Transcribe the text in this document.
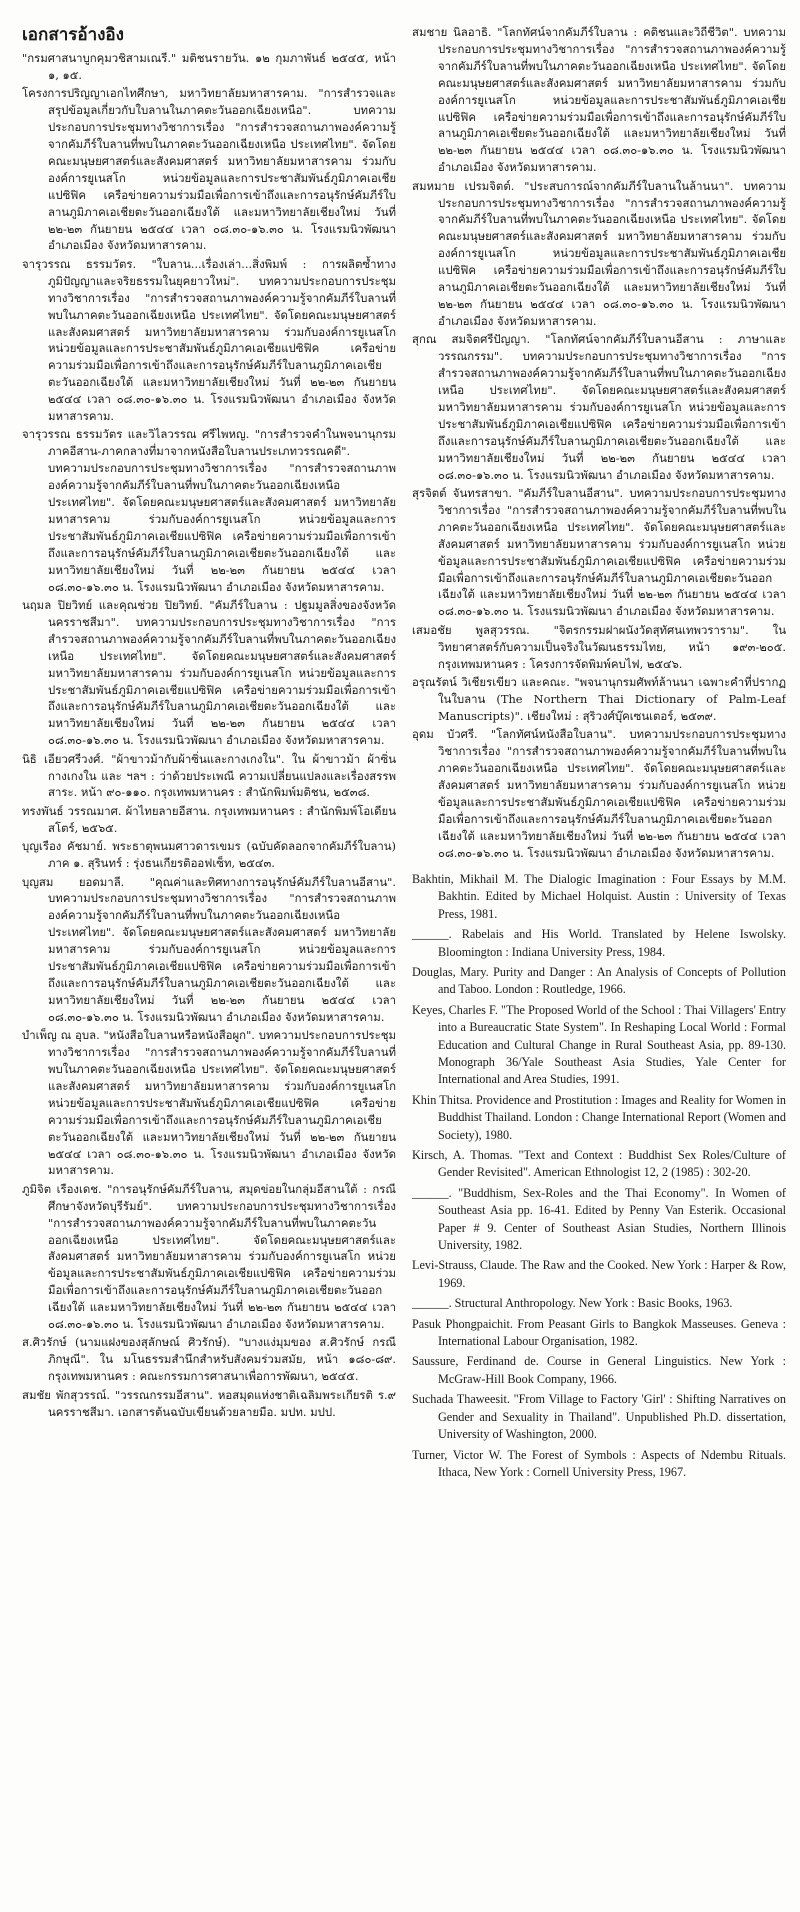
เอกสารอ้างอิง

"กรมศาสนาบูกคุมวชิสามเณรี." มติชนรายวัน. ๑๒ กุมภาพันธ์ ๒๕๔๕, หน้า ๑, ๑๕.

โครงการปริญญาเอกไทศึกษา, มหาวิทยาลัยมหาสารคาม. "การสำรวจและสรุปข้อมูลเกี่ยวกับใบลานในภาคตะวันออกเฉียงเหนือ". บทความประกอบการประชุมทางวิชาการเรื่อง "การสำรวจสถานภาพองค์ความรู้จากคัมภีร์ใบลานที่พบในภาคตะวันออกเฉียงเหนือ ประเทศไทย". จัดโดยคณะมนุษยศาสตร์และสังคมศาสตร์ มหาวิทยาลัยมหาสารคาม ร่วมกับองค์การยูเนสโก หน่วยข้อมูลและการประชาสัมพันธ์ภูมิภาคเอเชียแปซิฟิค เครือข่ายความร่วมมือเพื่อการเข้าถึงและการอนุรักษ์คัมภีร์ใบลานภูมิภาคเอเชียตะวันออกเฉียงใต้ และมหาวิทยาลัยเชียงใหม่ วันที่ ๒๒-๒๓ กันยายน ๒๕๔๔ เวลา ๐๘.๓๐-๑๖.๓๐ น. โรงแรมนิวพัฒนา อำเภอเมือง จังหวัดมหาสารคาม.

จารุวรรณ ธรรมวัตร. "ใบลาน...เรื่องเล่า...สิ่งพิมพ์ : การผลิตซ้ำทางภูมิปัญญาและจริยธรรมในยุคยาวใหม่". บทความประกอบการประชุมทางวิชาการเรื่อง "การสำรวจสถานภาพองค์ความรู้จากคัมภีร์ใบลานที่พบในภาคตะวันออกเฉียงเหนือ ประเทศไทย". จัดโดยคณะมนุษยศาสตร์และสังคมศาสตร์ มหาวิทยาลัยมหาสารคาม ร่วมกับองค์การยูเนสโก หน่วยข้อมูลและการประชาสัมพันธ์ภูมิภาคเอเชียแปซิฟิค เครือข่ายความร่วมมือเพื่อการเข้าถึงและการอนุรักษ์คัมภีร์ใบลานภูมิภาคเอเชียตะวันออกเฉียงใต้ และมหาวิทยาลัยเชียงใหม่ วันที่ ๒๒-๒๓ กันยายน ๒๕๔๔ เวลา ๐๘.๓๐-๑๖.๓๐ น. โรงแรมนิวพัฒนา อำเภอเมือง จังหวัดมหาสารคาม.

จารุวรรณ ธรรมวัตร และวิไลวรรณ ศรีไพหญ. "การสำรวจคำในพจนานุกรมภาคอีสาน-ภาคกลางที่มาจากหนังสือใบลานประเภทวรรณคดี". บทความประกอบการประชุมทางวิชาการเรื่อง "การสำรวจสถานภาพองค์ความรู้จากคัมภีร์ใบลานที่พบในภาคตะวันออกเฉียงเหนือ ประเทศไทย". จัดโดยคณะมนุษยศาสตร์และสังคมศาสตร์ มหาวิทยาลัยมหาสารคาม ร่วมกับองค์การยูเนสโก หน่วยข้อมูลและการประชาสัมพันธ์ภูมิภาคเอเชียแปซิฟิค เครือข่ายความร่วมมือเพื่อการเข้าถึงและการอนุรักษ์คัมภีร์ใบลานภูมิภาคเอเชียตะวันออกเฉียงใต้ และมหาวิทยาลัยเชียงใหม่ วันที่ ๒๒-๒๓ กันยายน ๒๕๔๔ เวลา ๐๘.๓๐-๑๖.๓๐ น. โรงแรมนิวพัฒนา อำเภอเมือง จังหวัดมหาสารคาม.

นฤมล ปิยวิทย์ และคุณช่วย ปิยวิทย์. "คัมภีร์ใบลาน : ปฐมมูลสิ่งของจังหวัดนครราชสีมา". บทความประกอบการประชุมทางวิชาการเรื่อง "การสำรวจสถานภาพองค์ความรู้จากคัมภีร์ใบลานที่พบในภาคตะวันออกเฉียงเหนือ ประเทศไทย". จัดโดยคณะมนุษยศาสตร์และสังคมศาสตร์ มหาวิทยาลัยมหาสารคาม ร่วมกับองค์การยูเนสโก หน่วยข้อมูลและการประชาสัมพันธ์ภูมิภาคเอเชียแปซิฟิค เครือข่ายความร่วมมือเพื่อการเข้าถึงและการอนุรักษ์คัมภีร์ใบลานภูมิภาคเอเชียตะวันออกเฉียงใต้ และมหาวิทยาลัยเชียงใหม่ วันที่ ๒๒-๒๓ กันยายน ๒๕๔๔ เวลา ๐๘.๓๐-๑๖.๓๐ น. โรงแรมนิวพัฒนา อำเภอเมือง จังหวัดมหาสารคาม.

นิธิ เอียวศรีวงศ์. "ผ้าขาวม้ากับผ้าซิ่นและกางเกงใน". ใน ผ้าขาวม้า ผ้าซิ่น กางเกงใน และ ฯลฯ : ว่าด้วยประเพณี ความเปลี่ยนแปลงและเรื่องสรรพสาระ. หน้า ๙๐-๑๑๐. กรุงเทพมหานคร : สำนักพิมพ์มติชน, ๒๕๓๘.

ทรงพันธ์ วรรณมาศ. ผ้าไทยลายอีสาน. กรุงเทพมหานคร : สำนักพิมพ์โอเดียนสโตร์, ๒๕๖๕.

บุญเรือง คัชมาย์. พระธาตุพนมศาวดารเขมร (ฉบับคัดลอกจากคัมภีร์ใบลาน) ภาค ๑. สุรินทร์ : รุ่งธนเกียรติออฟเซ็ท, ๒๕๔๓.

บุญสม ยอดมาลี. "คุณค่าและทิศทางการอนุรักษ์คัมภีร์ใบลานอีสาน". บทความประกอบการประชุมทางวิชาการเรื่อง "การสำรวจสถานภาพองค์ความรู้จากคัมภีร์ใบลานที่พบในภาคตะวันออกเฉียงเหนือ ประเทศไทย". จัดโดยคณะมนุษยศาสตร์และสังคมศาสตร์ มหาวิทยาลัยมหาสารคาม ร่วมกับองค์การยูเนสโก หน่วยข้อมูลและการประชาสัมพันธ์ภูมิภาคเอเชียแปซิฟิค เครือข่ายความร่วมมือเพื่อการเข้าถึงและการอนุรักษ์คัมภีร์ใบลานภูมิภาคเอเชียตะวันออกเฉียงใต้ และมหาวิทยาลัยเชียงใหม่ วันที่ ๒๒-๒๓ กันยายน ๒๕๔๔ เวลา ๐๘.๓๐-๑๖.๓๐ น. โรงแรมนิวพัฒนา อำเภอเมือง จังหวัดมหาสารคาม.

บำเพ็ญ ณ อุบล. "หนังสือใบลานหรือหนังสือผูก". บทความประกอบการประชุมทางวิชาการเรื่อง "การสำรวจสถานภาพองค์ความรู้จากคัมภีร์ใบลานที่พบในภาคตะวันออกเฉียงเหนือ ประเทศไทย". จัดโดยคณะมนุษยศาสตร์และสังคมศาสตร์ มหาวิทยาลัยมหาสารคาม ร่วมกับองค์การยูเนสโก หน่วยข้อมูลและการประชาสัมพันธ์ภูมิภาคเอเชียแปซิฟิค เครือข่ายความร่วมมือเพื่อการเข้าถึงและการอนุรักษ์คัมภีร์ใบลานภูมิภาคเอเชียตะวันออกเฉียงใต้ และมหาวิทยาลัยเชียงใหม่ วันที่ ๒๒-๒๓ กันยายน ๒๕๔๔ เวลา ๐๘.๓๐-๑๖.๓๐ น. โรงแรมนิวพัฒนา อำเภอเมือง จังหวัดมหาสารคาม.

ภูมิจิต เรืองเดช. "การอนุรักษ์คัมภีร์ใบลาน, สมุดข่อยในกลุ่มอีสานใต้ : กรณีศึกษาจังหวัดบุรีรัมย์". บทความประกอบการประชุมทางวิชาการเรื่อง "การสำรวจสถานภาพองค์ความรู้จากคัมภีร์ใบลานที่พบในภาคตะวันออกเฉียงเหนือ ประเทศไทย". จัดโดยคณะมนุษยศาสตร์และสังคมศาสตร์ มหาวิทยาลัยมหาสารคาม ร่วมกับองค์การยูเนสโก หน่วยข้อมูลและการประชาสัมพันธ์ภูมิภาคเอเชียแปซิฟิค เครือข่ายความร่วมมือเพื่อการเข้าถึงและการอนุรักษ์คัมภีร์ใบลานภูมิภาคเอเชียตะวันออกเฉียงใต้ และมหาวิทยาลัยเชียงใหม่ วันที่ ๒๒-๒๓ กันยายน ๒๕๔๔ เวลา ๐๘.๓๐-๑๖.๓๐ น. โรงแรมนิวพัฒนา อำเภอเมือง จังหวัดมหาสารคาม.

ส.ศิวรักษ์ (นามแฝงของสุลักษณ์ ศิวรักษ์). "บางแง่มุมของ ส.ศิวรักษ์ กรณีภิกษุณี". ใน มโนธรรมสำนึกสำหรับสังคมร่วมสมัย, หน้า ๑๘๐-๘๙. กรุงเทพมหานคร : คณะกรรมการศาสนาเพื่อการพัฒนา, ๒๕๔๕.

สมชัย พักสุวรรณ์. "วรรณกรรมอีสาน". หอสมุดแห่งชาติเฉลิมพระเกียรติ ร.๙ นครราชสีมา. เอกสารต้นฉบับเขียนด้วยลายมือ. มปท. มปป.

สมชาย นิลอาธิ. "โลกทัศน์จากคัมภีร์ใบลาน : คติชนและวิถีชีวิต". บทความประกอบการประชุมทางวิชาการเรื่อง "การสำรวจสถานภาพองค์ความรู้จากคัมภีร์ใบลานที่พบในภาคตะวันออกเฉียงเหนือ ประเทศไทย". จัดโดยคณะมนุษยศาสตร์และสังคมศาสตร์ มหาวิทยาลัยมหาสารคาม ร่วมกับองค์การยูเนสโก หน่วยข้อมูลและการประชาสัมพันธ์ภูมิภาคเอเชียแปซิฟิค เครือข่ายความร่วมมือเพื่อการเข้าถึงและการอนุรักษ์คัมภีร์ใบลานภูมิภาคเอเชียตะวันออกเฉียงใต้ และมหาวิทยาลัยเชียงใหม่ วันที่ ๒๒-๒๓ กันยายน ๒๕๔๔ เวลา ๐๘.๓๐-๑๖.๓๐ น. โรงแรมนิวพัฒนา อำเภอเมือง จังหวัดมหาสารคาม.

สมหมาย เปรมจิตต์. "ประสบการณ์จากคัมภีร์ใบลานในล้านนา". บทความประกอบการประชุมทางวิชาการเรื่อง "การสำรวจสถานภาพองค์ความรู้จากคัมภีร์ใบลานที่พบในภาคตะวันออกเฉียงเหนือ ประเทศไทย". จัดโดยคณะมนุษยศาสตร์และสังคมศาสตร์ มหาวิทยาลัยมหาสารคาม ร่วมกับองค์การยูเนสโก หน่วยข้อมูลและการประชาสัมพันธ์ภูมิภาคเอเชียแปซิฟิค เครือข่ายความร่วมมือเพื่อการเข้าถึงและการอนุรักษ์คัมภีร์ใบลานภูมิภาคเอเชียตะวันออกเฉียงใต้ และมหาวิทยาลัยเชียงใหม่ วันที่ ๒๒-๒๓ กันยายน ๒๕๔๔ เวลา ๐๘.๓๐-๑๖.๓๐ น. โรงแรมนิวพัฒนา อำเภอเมือง จังหวัดมหาสารคาม.

สุกณ สมจิตศรีปัญญา. "โลกทัศน์จากคัมภีร์ใบลานอีสาน : ภาษาและวรรณกรรม". บทความประกอบการประชุมทางวิชาการเรื่อง "การสำรวจสถานภาพองค์ความรู้จากคัมภีร์ใบลานที่พบในภาคตะวันออกเฉียงเหนือ ประเทศไทย". จัดโดยคณะมนุษยศาสตร์และสังคมศาสตร์ มหาวิทยาลัยมหาสารคาม ร่วมกับองค์การยูเนสโก หน่วยข้อมูลและการประชาสัมพันธ์ภูมิภาคเอเชียแปซิฟิค เครือข่ายความร่วมมือเพื่อการเข้าถึงและการอนุรักษ์คัมภีร์ใบลานภูมิภาคเอเชียตะวันออกเฉียงใต้ และมหาวิทยาลัยเชียงใหม่ วันที่ ๒๒-๒๓ กันยายน ๒๕๔๔ เวลา ๐๘.๓๐-๑๖.๓๐ น. โรงแรมนิวพัฒนา อำเภอเมือง จังหวัดมหาสารคาม.

สุรจิตต์ จันทรสาขา. "คัมภีร์ใบลานอีสาน". บทความประกอบการประชุมทางวิชาการเรื่อง "การสำรวจสถานภาพองค์ความรู้จากคัมภีร์ใบลานที่พบในภาคตะวันออกเฉียงเหนือ ประเทศไทย". จัดโดยคณะมนุษยศาสตร์และสังคมศาสตร์ มหาวิทยาลัยมหาสารคาม ร่วมกับองค์การยูเนสโก หน่วยข้อมูลและการประชาสัมพันธ์ภูมิภาคเอเชียแปซิฟิค เครือข่ายความร่วมมือเพื่อการเข้าถึงและการอนุรักษ์คัมภีร์ใบลานภูมิภาคเอเชียตะวันออกเฉียงใต้ และมหาวิทยาลัยเชียงใหม่ วันที่ ๒๒-๒๓ กันยายน ๒๕๔๔ เวลา ๐๘.๓๐-๑๖.๓๐ น. โรงแรมนิวพัฒนา อำเภอเมือง จังหวัดมหาสารคาม.

เสมอชัย พูลสุวรรณ. "จิตรกรรมฝาผนังวัดสุทัศนเทพวราราม". ใน วิทยาศาสตร์กับความเป็นจริงในวัฒนธรรมไทย, หน้า ๑๙๓-๒๐๕. กรุงเทพมหานคร : โครงการจัดพิมพ์คบไฟ, ๒๕๔๖.

อรุณรัตน์ วิเชียรเขียว และคณะ. "พจนานุกรมศัพท์ล้านนา เฉพาะคำที่ปรากฏในใบลาน (The Northern Thai Dictionary of Palm-Leaf Manuscripts)". เชียงใหม่ : สุริวงศ์บุ๊คเซนเตอร์, ๒๕๓๙.

อุดม บัวศรี. "โลกทัศน์หนังสือใบลาน". บทความประกอบการประชุมทางวิชาการเรื่อง "การสำรวจสถานภาพองค์ความรู้จากคัมภีร์ใบลานที่พบในภาคตะวันออกเฉียงเหนือ ประเทศไทย". จัดโดยคณะมนุษยศาสตร์และสังคมศาสตร์ มหาวิทยาลัยมหาสารคาม ร่วมกับองค์การยูเนสโก หน่วยข้อมูลและการประชาสัมพันธ์ภูมิภาคเอเชียแปซิฟิค เครือข่ายความร่วมมือเพื่อการเข้าถึงและการอนุรักษ์คัมภีร์ใบลานภูมิภาคเอเชียตะวันออกเฉียงใต้ และมหาวิทยาลัยเชียงใหม่ วันที่ ๒๒-๒๓ กันยายน ๒๕๔๔ เวลา ๐๘.๓๐-๑๖.๓๐ น. โรงแรมนิวพัฒนา อำเภอเมือง จังหวัดมหาสารคาม.

Bakhtin, Mikhail M. The Dialogic Imagination : Four Essays by M.M. Bakhtin. Edited by Michael Holquist. Austin : University of Texas Press, 1981.

______. Rabelais and His World. Translated by Helene Iswolsky. Bloomington : Indiana University Press, 1984.

Douglas, Mary. Purity and Danger : An Analysis of Concepts of Pollution and Taboo. London : Routledge, 1966.

Keyes, Charles F. "The Proposed World of the School : Thai Villagers' Entry into a Bureaucratic State System". In Reshaping Local World : Formal Education and Cultural Change in Rural Southeast Asia, pp. 89-130. Monograph 36/Yale Southeast Asia Studies, Yale Center for International and Area Studies, 1991.

Khin Thitsa. Providence and Prostitution : Images and Reality for Women in Buddhist Thailand. London : Change International Report (Women and Society), 1980.

Kirsch, A. Thomas. "Text and Context : Buddhist Sex Roles/Culture of Gender Revisited". American Ethnologist 12, 2 (1985) : 302-20.

______. "Buddhism, Sex-Roles and the Thai Economy". In Women of Southeast Asia pp. 16-41. Edited by Penny Van Esterik. Occasional Paper # 9. Center of Southeast Asian Studies, Northern Illinois University, 1982.

Levi-Strauss, Claude. The Raw and the Cooked. New York : Harper & Row, 1969.

______. Structural Anthropology. New York : Basic Books, 1963.

Pasuk Phongpaichit. From Peasant Girls to Bangkok Masseuses. Geneva : International Labour Organisation, 1982.

Saussure, Ferdinand de. Course in General Linguistics. New York : McGraw-Hill Book Company, 1966.

Suchada Thaweesit. "From Village to Factory 'Girl' : Shifting Narratives on Gender and Sexuality in Thailand". Unpublished Ph.D. dissertation, University of Washington, 2000.

Turner, Victor W. The Forest of Symbols : Aspects of Ndembu Rituals. Ithaca, New York : Cornell University Press, 1967.
